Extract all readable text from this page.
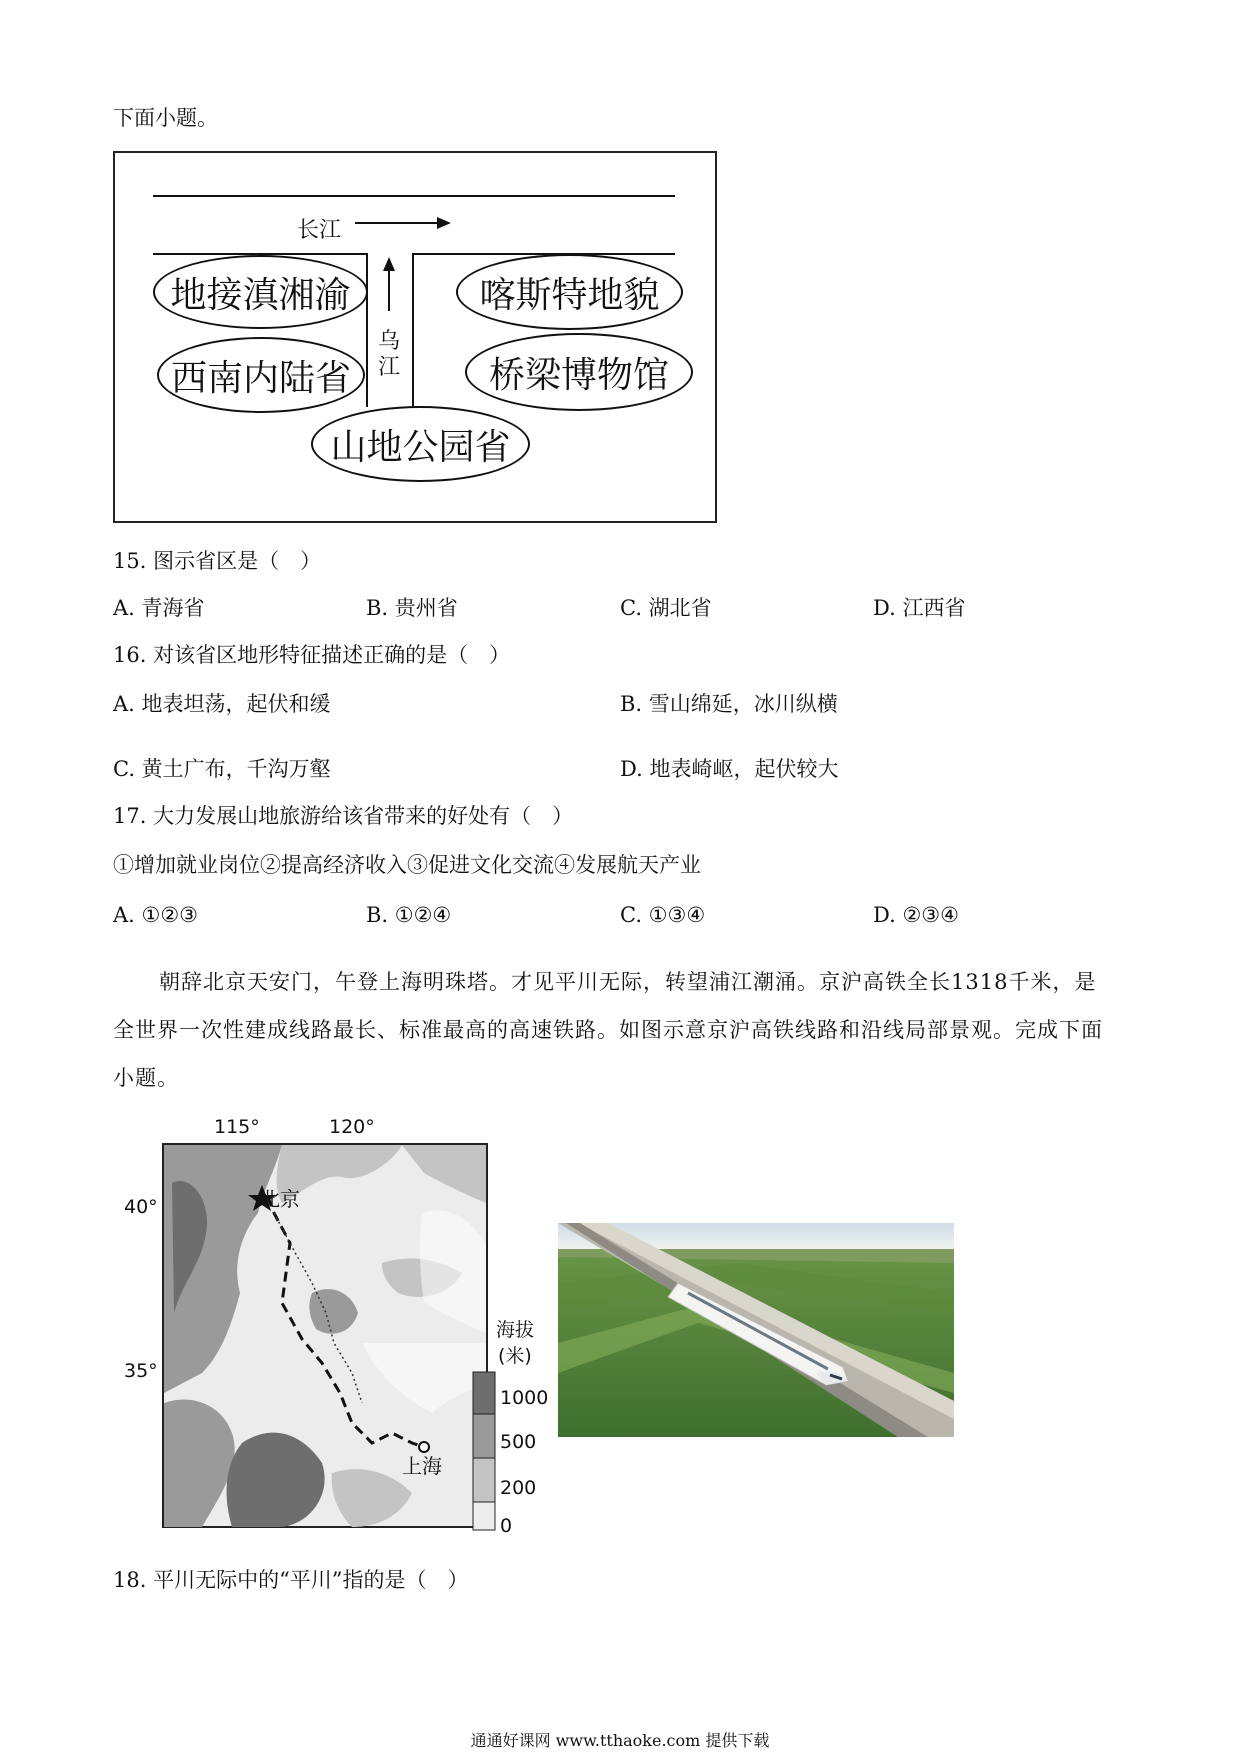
下面小题。
长江
乌江
地接滇湘渝
西南内陆省
喀斯特地貌
桥梁博物馆
山地公园省
15. 图示省区是（　）
A. 青海省	B. 贵州省	C. 湖北省	D. 江西省
16. 对该省区地形特征描述正确的是（　）
A. 地表坦荡，起伏和缓	B. 雪山绵延，冰川纵横
C. 黄土广布，千沟万壑	D. 地表崎岖，起伏较大
17. 大力发展山地旅游给该省带来的好处有（　）
①增加就业岗位②提高经济收入③促进文化交流④发展航天产业
A. ①②③	B. ①②④	C. ①③④	D. ②③④
朝辞北京天安门，午登上海明珠塔。才见平川无际，转望浦江潮涌。京沪高铁全长1318千米，是全世界一次性建成线路最长、标准最高的高速铁路。如图示意京沪高铁线路和沿线局部景观。完成下面小题。
115°	120°
40°
35°
北京
上海
海拔
(米)
1000
500
200
0
18. 平川无际中的“平川”指的是（　）
通通好课网 www.tthaoke.com 提供下载
